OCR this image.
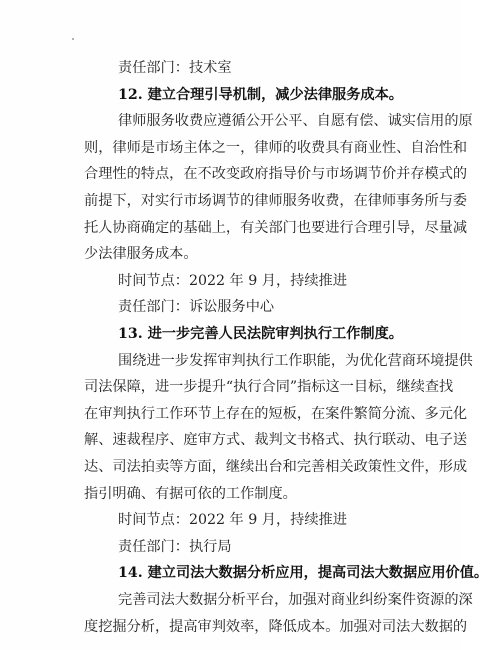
责任部门：技术室
12. 建立合理引导机制，减少法律服务成本。
律师服务收费应遵循公开公平、自愿有偿、诚实信用的原
则，律师是市场主体之一，律师的收费具有商业性、自治性和
合理性的特点，在不改变政府指导价与市场调节价并存模式的
前提下，对实行市场调节的律师服务收费，在律师事务所与委
托人协商确定的基础上，有关部门也要进行合理引导，尽量减
少法律服务成本。
时间节点：2022 年 9 月，持续推进
责任部门：诉讼服务中心
13. 进一步完善人民法院审判执行工作制度。
围绕进一步发挥审判执行工作职能，为优化营商环境提供
司法保障，进一步提升“执行合同”指标这一目标，继续查找
在审判执行工作环节上存在的短板，在案件繁简分流、多元化
解、速裁程序、庭审方式、裁判文书格式、执行联动、电子送
达、司法拍卖等方面，继续出台和完善相关政策性文件，形成
指引明确、有据可依的工作制度。
时间节点：2022 年 9 月，持续推进
责任部门：执行局
14. 建立司法大数据分析应用，提高司法大数据应用价值。
完善司法大数据分析平台，加强对商业纠纷案件资源的深
度挖掘分析，提高审判效率，降低成本。加强对司法大数据的
